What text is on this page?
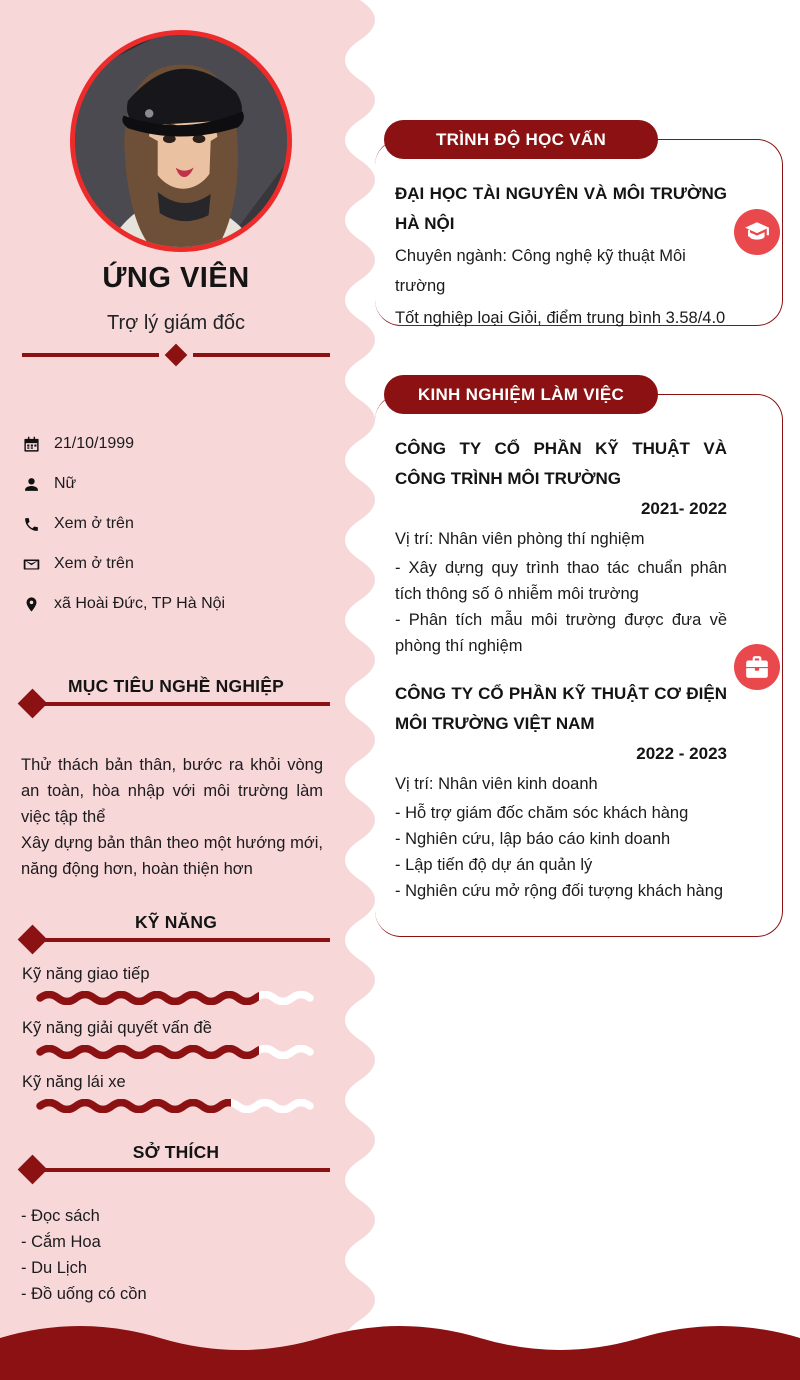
ỨNG VIÊN
Trợ lý giám đốc
21/10/1999
Nữ
Xem ở trên
Xem ở trên
xã Hoài Đức, TP Hà Nội
MỤC TIÊU NGHỀ NGHIỆP

Thử thách bản thân, bước ra khỏi vòng an toàn, hòa nhập với môi trường làm việc tập thể

Xây dựng bản thân theo một hướng mới, năng động hơn, hoàn thiện hơn

KỸ NĂNG
Kỹ năng giao tiếp
Kỹ năng giải quyết vấn đề
Kỹ năng lái xe
SỞ THÍCH
- Đọc sách
- Cắm Hoa
- Du Lịch
- Đồ uống có cồn
TRÌNH ĐỘ HỌC VẤN
ĐẠI HỌC TÀI NGUYÊN VÀ MÔI TRƯỜNG HÀ NỘI
Chuyên ngành: Công nghệ kỹ thuật Môi trường
Tốt nghiệp loại Giỏi, điểm trung bình 3.58/4.0
KINH NGHIỆM LÀM VIỆC
CÔNG TY CỔ PHẦN KỸ THUẬT VÀ CÔNG TRÌNH MÔI TRƯỜNG
2021- 2022
Vị trí: Nhân viên phòng thí nghiệm
- Xây dựng quy trình thao tác chuẩn phân tích thông số ô nhiễm môi trường
- Phân tích mẫu môi trường được đưa về phòng thí nghiệm
CÔNG TY CỔ PHẦN KỸ THUẬT CƠ ĐIỆN MÔI TRƯỜNG VIỆT NAM
2022 - 2023
Vị trí: Nhân viên kinh doanh
- Hỗ trợ giám đốc chăm sóc khách hàng
- Nghiên cứu, lập báo cáo kinh doanh
- Lập tiến độ dự án quản lý
- Nghiên cứu mở rộng đối tượng khách hàng
